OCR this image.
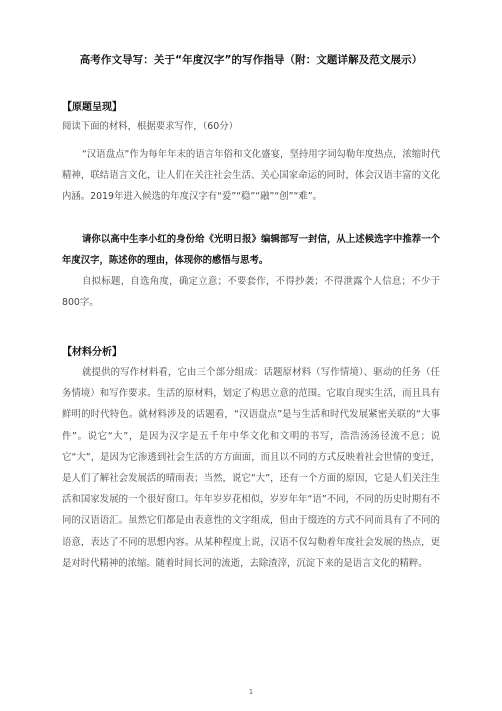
高考作文导写：关于“年度汉字”的写作指导（附：文题详解及范文展示）
【原题呈现】

阅读下面的材料，根据要求写作，（60分）

“汉语盘点”作为每年年末的语言年俗和文化盛宴，坚持用字词勾勒年度热点，浓缩时代精神，联结语言文化，让人们在关注社会生活、关心国家命运的同时，体会汉语丰富的文化内涵。2019年进入候选的年度汉字有“爱”“稳”“融”“创”“难”。

请你以高中生李小红的身份给《光明日报》编辑部写一封信，从上述候选字中推荐一个年度汉字，陈述你的理由，体现你的感悟与思考。

自拟标题，自选角度，确定立意；不要套作，不得抄袭；不得泄露个人信息；不少于800字。

【材料分析】

就提供的写作材料看，它由三个部分组成：话题原材料（写作情境）、驱动的任务（任务情境）和写作要求。生活的原材料，划定了构思立意的范围。它取自现实生活，而且具有鲜明的时代特色。就材料涉及的话题看，“汉语盘点”是与生活和时代发展紧密关联的“大事件”。说它“大”，是因为汉字是五千年中华文化和文明的书写，浩浩汤汤径流不息；说它“大”，是因为它渗透到社会生活的方方面面，而且以不同的方式反映着社会世情的变迁，是人们了解社会发展活的晴雨表；当然，说它“大”，还有一个方面的原因，它是人们关注生活和国家发展的一个很好窗口。年年岁岁花相似，岁岁年年“语”不同，不同的历史时期有不同的汉语语汇。虽然它们都是由表意性的文字组成，但由于缀连的方式不同而具有了不同的语意，表达了不同的思想内容。从某种程度上说，汉语不仅勾勒着年度社会发展的热点，更是对时代精神的浓缩。随着时间长河的流逝，去除渣滓，沉淀下来的是语言文化的精粹。

1
